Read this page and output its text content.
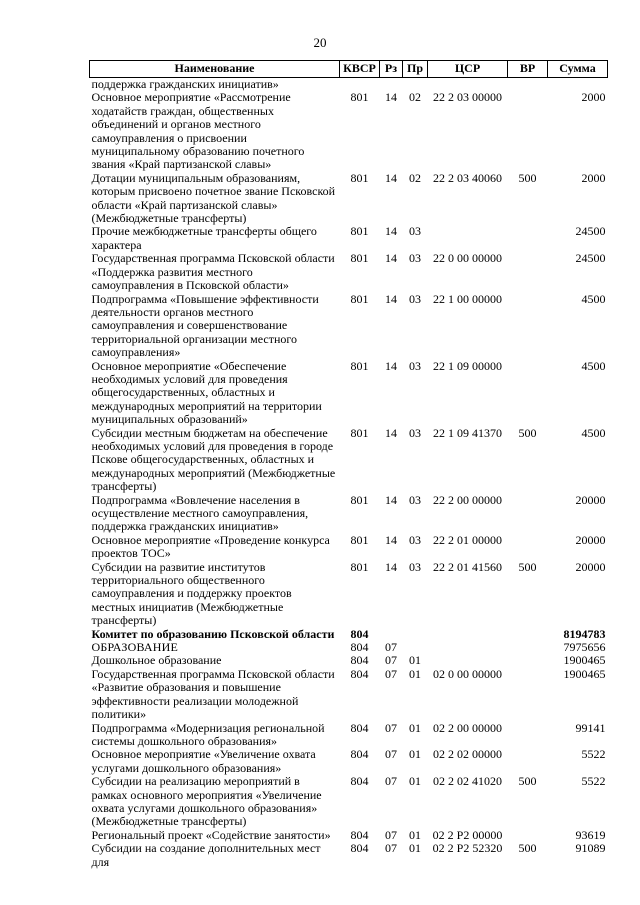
20
Наименование	КВСР	Рз	Пр	ЦСР	ВР	Сумма
поддержка гражданских инициатив»						
Основное мероприятие «Рассмотрение ходатайств граждан, общественных объединений и органов местного самоуправления о присвоении муниципальному образованию почетного звания «Край партизанской славы»	801	14	02	22 2 03 00000		2000
Дотации муниципальным образованиям, которым присвоено почетное звание Псковской области «Край партизанской славы» (Межбюджетные трансферты)	801	14	02	22 2 03 40060	500	2000
Прочие межбюджетные трансферты общего характера	801	14	03			24500
Государственная программа Псковской области «Поддержка развития местного самоуправления в Псковской области»	801	14	03	22 0 00 00000		24500
Подпрограмма «Повышение эффективности деятельности органов местного самоуправления и совершенствование территориальной организации местного самоуправления»	801	14	03	22 1 00 00000		4500
Основное мероприятие «Обеспечение необходимых условий для проведения общегосударственных, областных и международных мероприятий на территории муниципальных образований»	801	14	03	22 1 09 00000		4500
Субсидии местным бюджетам на обеспечение необходимых условий для проведения в городе Пскове общегосударственных, областных и международных мероприятий (Межбюджетные трансферты)	801	14	03	22 1 09 41370	500	4500
Подпрограмма «Вовлечение населения в осуществление местного самоуправления, поддержка гражданских инициатив»	801	14	03	22 2 00 00000		20000
Основное мероприятие «Проведение конкурса проектов ТОС»	801	14	03	22 2 01 00000		20000
Субсидии на развитие институтов территориального общественного самоуправления и поддержку проектов местных инициатив (Межбюджетные трансферты)	801	14	03	22 2 01 41560	500	20000
Комитет по образованию Псковской области	804					8194783
ОБРАЗОВАНИЕ	804	07				7975656
Дошкольное образование	804	07	01			1900465
Государственная программа Псковской области «Развитие образования и повышение эффективности реализации молодежной политики»	804	07	01	02 0 00 00000		1900465
Подпрограмма «Модернизация региональной системы дошкольного образования»	804	07	01	02 2 00 00000		99141
Основное мероприятие «Увеличение охвата услугами дошкольного образования»	804	07	01	02 2 02 00000		5522
Субсидии на реализацию мероприятий в рамках основного мероприятия «Увеличение охвата услугами дошкольного образования» (Межбюджетные трансферты)	804	07	01	02 2 02 41020	500	5522
Региональный проект «Содействие занятости»	804	07	01	02 2 Р2 00000		93619
Субсидии на создание дополнительных мест для	804	07	01	02 2 Р2 52320	500	91089
